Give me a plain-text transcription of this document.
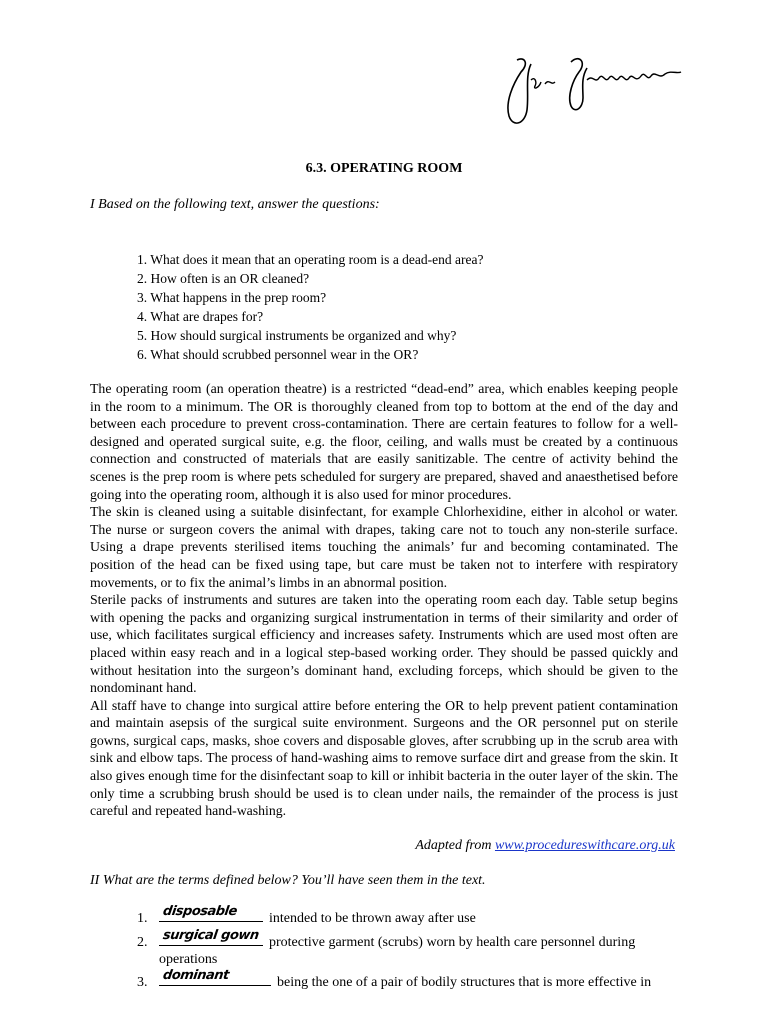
6.3. OPERATING ROOM
I Based on the following text, answer the questions:
1. What does it mean that an operating room is a dead-end area?
2. How often is an OR cleaned?
3. What happens in the prep room?
4. What are drapes for?
5. How should surgical instruments be organized and why?
6. What should scrubbed personnel wear in the OR?

The operating room (an operation theatre) is a restricted “dead-end” area, which enables keeping people in the room to a minimum. The OR is thoroughly cleaned from top to bottom at the end of the day and between each procedure to prevent cross-contamination. There are certain features to follow for a well-designed and operated surgical suite, e.g. the floor, ceiling, and walls must be created by a continuous connection and constructed of materials that are easily sanitizable. The centre of activity behind the scenes is the prep room is where pets scheduled for surgery are prepared, shaved and anaesthetised before going into the operating room, although it is also used for minor procedures.

The skin is cleaned using a suitable disinfectant, for example Chlorhexidine, either in alcohol or water. The nurse or surgeon covers the animal with drapes, taking care not to touch any non-sterile surface. Using a drape prevents sterilised items touching the animals’ fur and becoming contaminated. The position of the head can be fixed using tape, but care must be taken not to interfere with respiratory movements, or to fix the animal’s limbs in an abnormal position.

Sterile packs of instruments and sutures are taken into the operating room each day. Table setup begins with opening the packs and organizing surgical instrumentation in terms of their similarity and order of use, which facilitates surgical efficiency and increases safety. Instruments which are used most often are placed within easy reach and in a logical step-based working order. They should be passed quickly and without hesitation into the surgeon’s dominant hand, excluding forceps, which should be given to the nondominant hand.

All staff have to change into surgical attire before entering the OR to help prevent patient contamination and maintain asepsis of the surgical suite environment. Surgeons and the OR personnel put on sterile gowns, surgical caps, masks, shoe covers and disposable gloves, after scrubbing up in the scrub area with sink and elbow taps. The process of hand-washing aims to remove surface dirt and grease from the skin. It also gives enough time for the disinfectant soap to kill or inhibit bacteria in the outer layer of the skin. The only time a scrubbing brush should be used is to clean under nails, the remainder of the process is just careful and repeated hand-washing.

Adapted from www.procedureswithcare.org.uk
II What are the terms defined below? You’ll have seen them in the text.
1. disposable intended to be thrown away after use
2. surgical gown protective garment (scrubs) worn by health care personnel during
operations
3. dominant	being the one of a pair of bodily structures that is more effective in
